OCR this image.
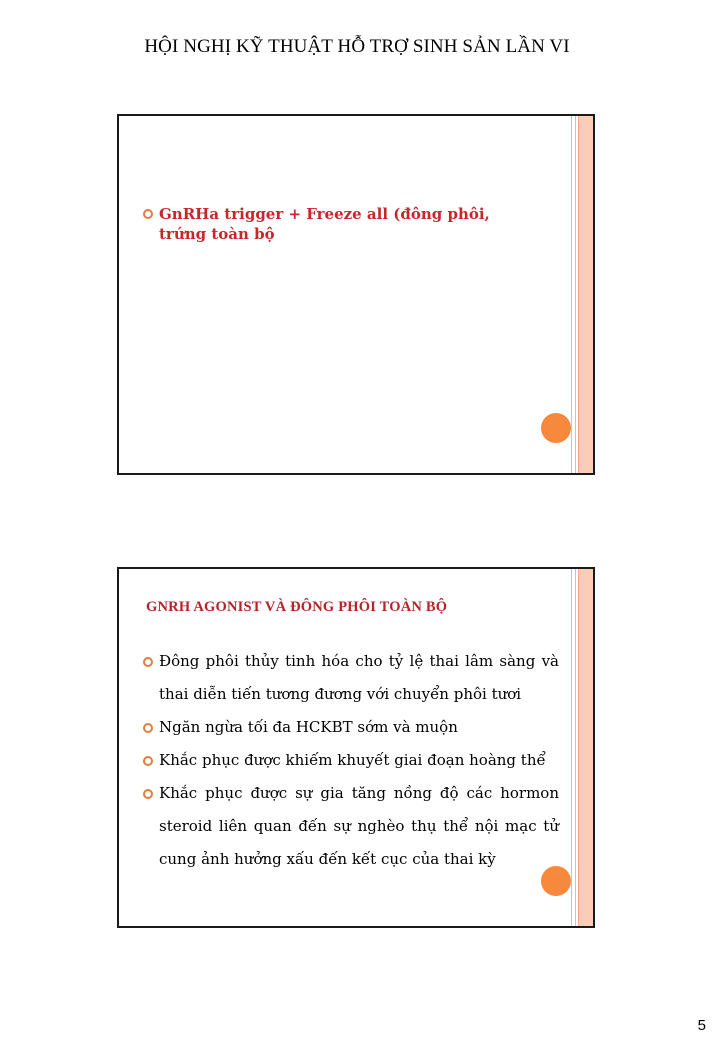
HỘI NGHỊ KỸ THUẬT HỖ TRỢ SINH SẢN LẦN VI
GnRHa trigger + Freeze all (đông phôi, trứng toàn bộ
GNRH AGONIST VÀ ĐÔNG PHÔI TOÀN BỘ
Đông phôi thủy tinh hóa cho tỷ lệ thai lâm sàng và thai diễn tiến tương đương với chuyển phôi tươi
Ngăn ngừa tối đa HCKBT sớm và muộn
Khắc phục được khiếm khuyết giai đoạn hoàng thể
Khắc phục được sự gia tăng nồng độ các hormon steroid liên quan đến sự nghèo thụ thể nội mạc tử cung ảnh hưởng xấu đến kết cục của thai kỳ
5
